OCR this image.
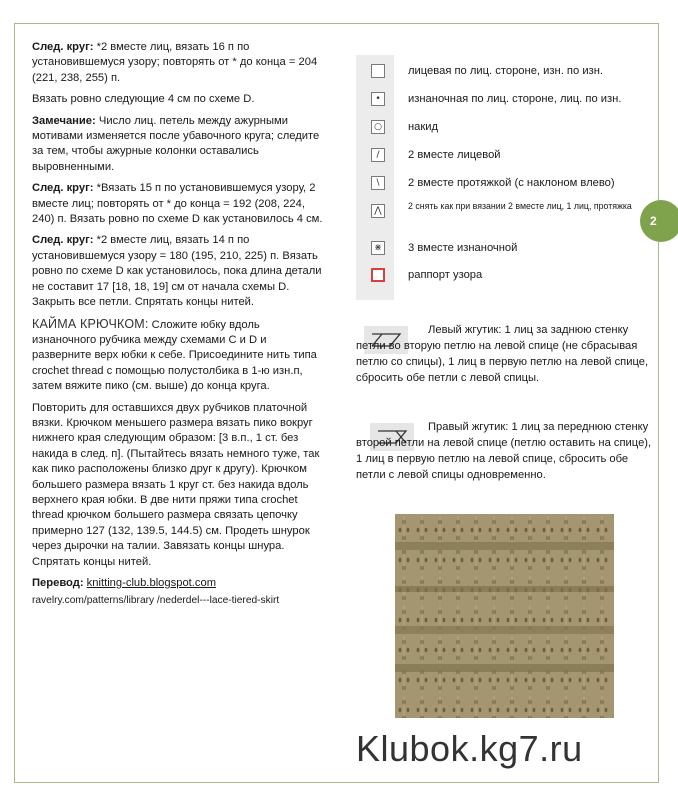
След. круг: *2 вместе лиц, вязать 16 п по установившемуся узору; повторять от * до конца = 204 (221, 238, 255) п.

Вязать ровно следующие 4 см по схеме D.

Замечание: Число лиц. петель между ажурными мотивами изменяется после убавочного круга; следите за тем, чтобы ажурные колонки оставались выровненными.

След. круг: *Вязать 15 п по установившемуся узору, 2 вместе лиц; повторять от * до конца = 192 (208, 224, 240) п. Вязать ровно по схеме D как установилось 4 см.

След. круг: *2 вместе лиц, вязать 14 п по установившемуся узору = 180 (195, 210, 225) п. Вязать ровно по схеме D как установилось, пока длина детали не составит 17 [18, 18, 19] см от начала схемы D. Закрыть все петли. Спрятать концы нитей.

КАЙМА КРЮЧКОМ: Сложите юбку вдоль изнаночного рубчика между схемами C и D и разверните верх юбки к себе. Присоедините нить типа crochet thread с помощью полустолбика в 1-ю изн.п, затем вяжите пико (см. выше) до конца круга.

Повторить для оставшихся двух рубчиков платочной вязки. Крючком меньшего размера вязать пико вокруг нижнего края следующим образом: [3 в.п., 1 ст. без накида в след. п]. (Пытайтесь вязать немного туже, так как пико расположены близко друг к другу). Крючком большего размера вязать 1 круг ст. без накида вдоль верхнего края юбки. В две нити пряжи типа crochet thread крючком большего размера связать цепочку примерно 127 (132, 139.5, 144.5) см. Продеть шнурок через дырочки на талии. Завязать концы шнура. Спрятать концы нитей.

Перевод: knitting-club.blogspot.com

ravelry.com/patterns/library /nederdel---lace-tiered-skirt

лицевая по лиц. стороне, изн. по изн.
•	изнаночная по лиц. стороне, лиц. по изн.
○ накид
/	2 вместе лицевой
\	2 вместе протяжкой (с наклоном влево)
⋀	2 снять как при вязании 2 вместе лиц, 1 лиц, протяжка
⋇ 3 вместе изнаночной
раппорт узора
2
Левый жгутик: 1 лиц за заднюю стенку петли во вторую петлю на левой спице (не сбрасывая петлю со спицы), 1 лиц в первую петлю на левой спице, сбросить обе петли с левой спицы.
Правый жгутик: 1 лиц за переднюю стенку второй петли на левой спице (петлю оставить на спице), 1 лиц в первую петлю на левой спице, сбросить обе петли с левой спицы одновременно.
Klubok.kg7.ru
